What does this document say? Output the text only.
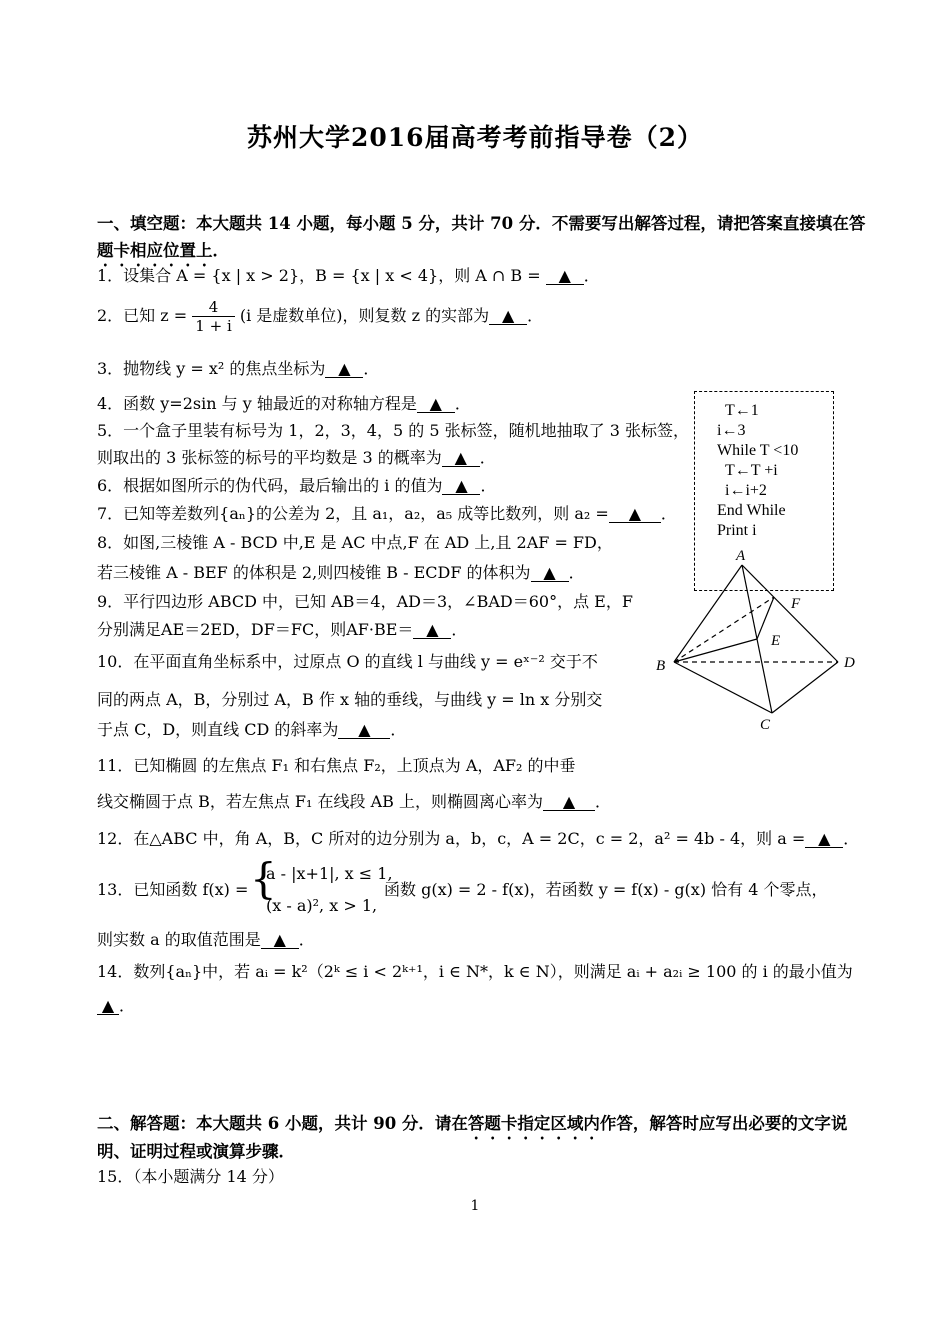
苏州大学2016届高考考前指导卷（2）
一、填空题：本大题共 14 小题，每小题 5 分，共计 70 分．不需要写出解答过程，请把答案直接填在答
题卡相应位置上．
1．设集合 A = {x | x > 2}，B = {x | x < 4}，则 A ∩ B = ▲ ．
2．已知 $z = \frac{4}{1 + i} (i$ 是虚数单位)，则复数 z 的实部为 ▲ ．
3．抛物线 y = x² 的焦点坐标为 ▲ ．
4．函数 y=2sin 与 y 轴最近的对称轴方程是 ▲ ．
5．一个盒子里装有标号为 1，2，3，4，5 的 5 张标签，随机地抽取了 3 张标签，
则取出的 3 张标签的标号的平均数是 3 的概率为 ▲ ．
6．根据如图所示的伪代码，最后输出的 i 的值为 ▲ ．
7．已知等差数列{aₙ}的公差为 2，且 a₁，a₂，a₅ 成等比数列，则 a₂ = ▲ ．
8．如图,三棱锥 A - BCD 中,E 是 AC 中点,F 在 AD 上,且 2AF = FD，
若三棱锥 A - BEF 的体积是 2,则四棱锥 B - ECDF 的体积为 ▲ ．
9．平行四边形 ABCD 中，已知 AB＝4，AD＝3，∠BAD＝60°，点 E，F
分别满足AE＝2ED，DF＝FC，则AF·BE＝ ▲ ．
10．在平面直角坐标系中，过原点 O 的直线 l 与曲线 y = eˣ⁻² 交于不
同的两点 A，B，分别过 A，B 作 x 轴的垂线，与曲线 y = ln x 分别交
于点 C，D，则直线 CD 的斜率为 ▲ ．
11．已知椭圆 的左焦点 F₁ 和右焦点 F₂，上顶点为 A，AF₂ 的中垂
线交椭圆于点 B，若左焦点 F₁ 在线段 AB 上，则椭圆离心率为 ▲ ．
12．在△ABC 中，角 A，B，C 所对的边分别为 a，b，c，A = 2C，c = 2，a² = 4b - 4，则 a = ▲ ．
13．已知函数 f(x) = {
a - |x+1|, x ≤ 1,
(x - a)², x > 1,
函数 g(x) = 2 - f(x)，若函数 y = f(x) - g(x) 恰有 4 个零点，
则实数 a 的取值范围是 ▲ ．
14．数列{aₙ}中，若 aᵢ = k²（2ᵏ ≤ i < 2ᵏ⁺¹，i ∈ N*，k ∈ N），则满足 aᵢ + a₂ᵢ ≥ 100 的 i 的最小值为
▲ ．
T←1
i←3
While T <10
T←T +i
i←i+2
End While
Print i
A
B
C
D
E
F
二、解答题：本大题共 6 小题，共计 90 分．请在答题卡指定区域内作答，解答时应写出必要的文字说
明、证明过程或演算步骤．
15．（本小题满分 14 分）
1
